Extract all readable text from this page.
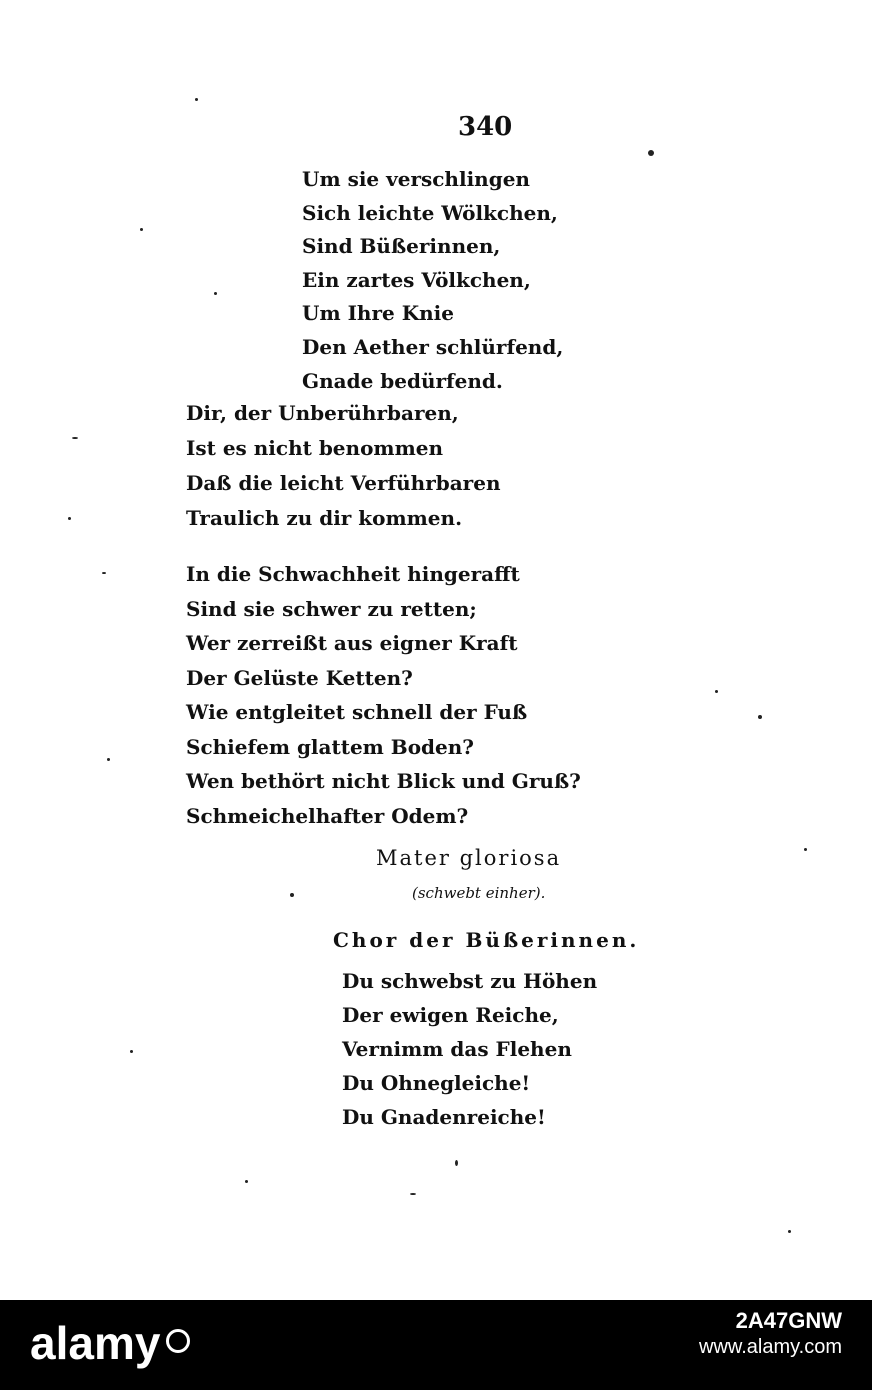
340
Um sie verschlingen
Sich leichte Wölkchen,
Sind Büßerinnen,
Ein zartes Völkchen,
Um Ihre Knie
Den Aether schlürfend,
Gnade bedürfend.
Dir, der Unberührbaren,
Ist es nicht benommen
Daß die leicht Verführbaren
Traulich zu dir kommen.
In die Schwachheit hingerafft
Sind sie schwer zu retten;
Wer zerreißt aus eigner Kraft
Der Gelüste Ketten?
Wie entgleitet schnell der Fuß
Schiefem glattem Boden?
Wen bethört nicht Blick und Gruß?
Schmeichelhafter Odem?
Mater gloriosa
(schwebt einher).
Chor der Büßerinnen.
Du schwebst zu Höhen
Der ewigen Reiche,
Vernimm das Flehen
Du Ohnegleiche!
Du Gnadenreiche!
alamy	2A47GNW
www.alamy.com
